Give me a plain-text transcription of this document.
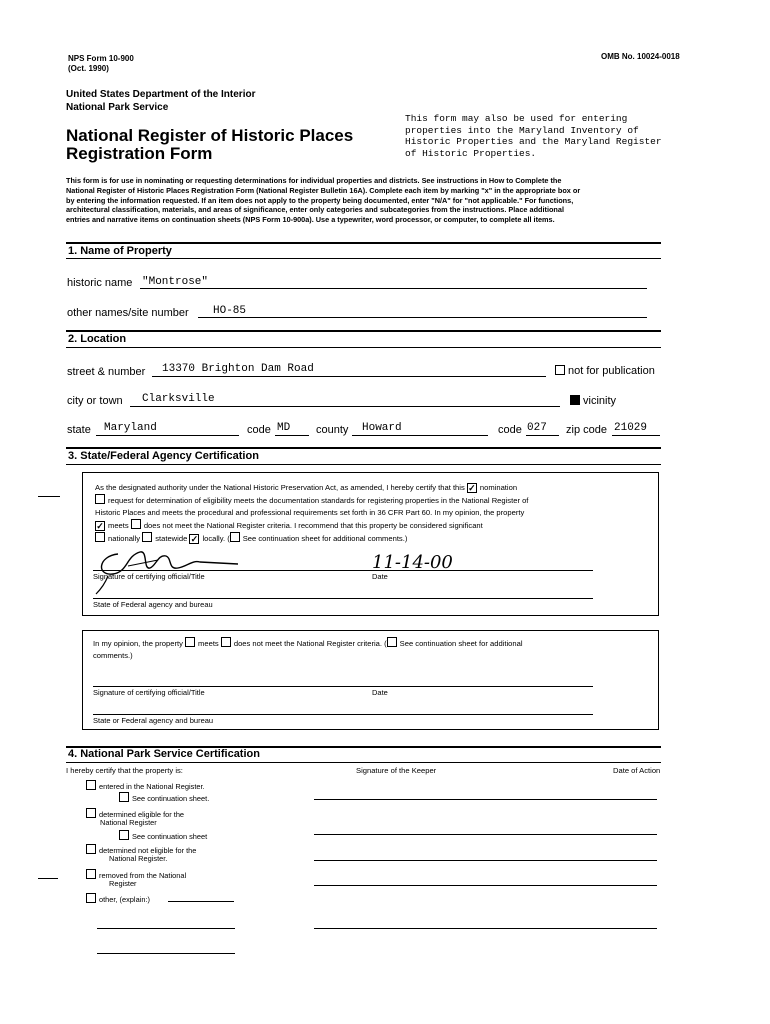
NPS Form 10-900
(Oct. 1990)
OMB No. 10024-0018
United States Department of the Interior
National Park Service
National Register of Historic Places
Registration Form
This form may also be used for entering
properties into the Maryland Inventory of
Historic Properties and the Maryland Register
of Historic Properties.
This form is for use in nominating or requesting determinations for individual properties and districts. See instructions in How to Complete the
National Register of Historic Places Registration Form (National Register Bulletin 16A). Complete each item by marking "x" in the appropriate box or
by entering the information requested. If an item does not apply to the property being documented, enter "N/A" for "not applicable." For functions,
architectural classification, materials, and areas of significance, enter only categories and subcategories from the instructions. Place additional
entries and narrative items on continuation sheets (NPS Form 10-900a). Use a typewriter, word processor, or computer, to complete all items.
1. Name of Property
historic name "Montrose"
other names/site number HO-85
2. Location
street & number 13370 Brighton Dam Road	not for publication
city or town Clarksville	vicinity
state Maryland	code MD county Howard	code 027 zip code 21029
3. State/Federal Agency Certification
As the designated authority under the National Historic Preservation Act, as amended, I hereby certify that this ✓ nomination
request for determination of eligibility meets the documentation standards for registering properties in the National Register of
Historic Places and meets the procedural and professional requirements set forth in 36 CFR Part 60. In my opinion, the property
✓ meets does not meet the National Register criteria. I recommend that this property be considered significant
nationally statewide ✓ locally. ( See continuation sheet for additional comments.)
11-14-00
Signature of certifying official/Title	Date
State of Federal agency and bureau
In my opinion, the property meets does not meet the National Register criteria. ( See continuation sheet for additional
comments.)
Signature of certifying official/Title	Date
State or Federal agency and bureau
4. National Park Service Certification
I hereby certify that the property is:	Signature of the Keeper	Date of Action
entered in the National Register.
See continuation sheet.
determined eligible for the
National Register
See continuation sheet
determined not eligible for the
National Register.
removed from the National
Register
other, (explain:)
